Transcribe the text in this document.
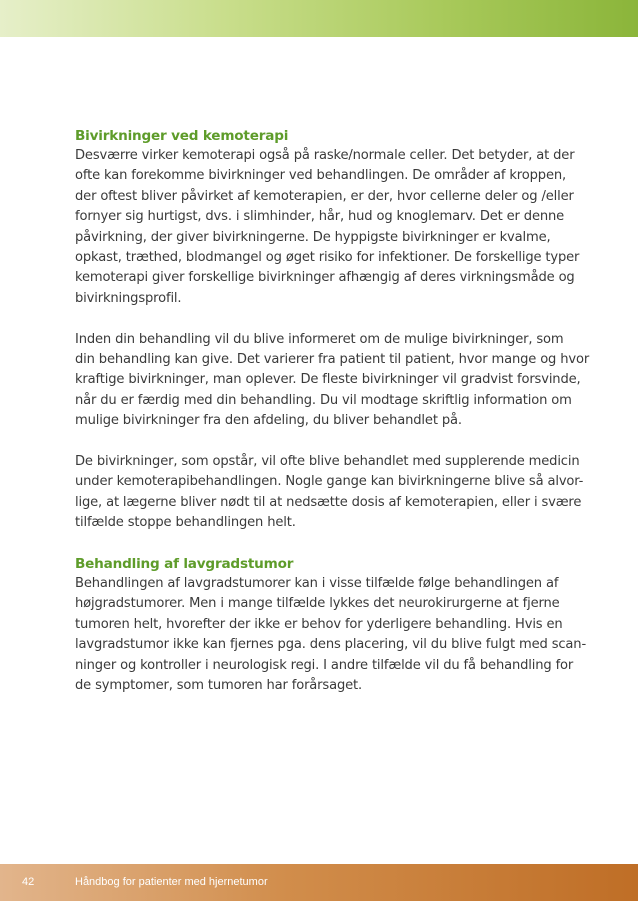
Bivirkninger ved kemoterapi

Desværre virker kemoterapi også på raske/normale celler. Det betyder, at der
ofte kan forekomme bivirkninger ved behandlingen. De områder af kroppen,
der oftest bliver påvirket af kemoterapien, er der, hvor cellerne deler og /eller
fornyer sig hurtigst, dvs. i slimhinder, hår, hud og knoglemarv. Det er denne
påvirkning, der giver bivirkningerne. De hyppigste bivirkninger er kvalme,
opkast, træthed, blodmangel og øget risiko for infektioner. De forskellige typer
kemoterapi giver forskellige bivirkninger afhængig af deres virkningsmåde og
bivirkningsprofil.

Inden din behandling vil du blive informeret om de mulige bivirkninger, som
din behandling kan give. Det varierer fra patient til patient, hvor mange og hvor
kraftige bivirkninger, man oplever. De fleste bivirkninger vil gradvist forsvinde,
når du er færdig med din behandling. Du vil modtage skriftlig information om
mulige bivirkninger fra den afdeling, du bliver behandlet på.

De bivirkninger, som opstår, vil ofte blive behandlet med supplerende medicin
under kemoterapibehandlingen. Nogle gange kan bivirkningerne blive så alvor-
lige, at lægerne bliver nødt til at nedsætte dosis af kemoterapien, eller i svære
tilfælde stoppe behandlingen helt.

Behandling af lavgradstumor

Behandlingen af lavgradstumorer kan i visse tilfælde følge behandlingen af
højgradstumorer. Men i mange tilfælde lykkes det neurokirurgerne at fjerne
tumoren helt, hvorefter der ikke er behov for yderligere behandling. Hvis en
lavgradstumor ikke kan fjernes pga. dens placering, vil du blive fulgt med scan-
ninger og kontroller i neurologisk regi. I andre tilfælde vil du få behandling for
de symptomer, som tumoren har forårsaget.

42	Håndbog for patienter med hjernetumor
